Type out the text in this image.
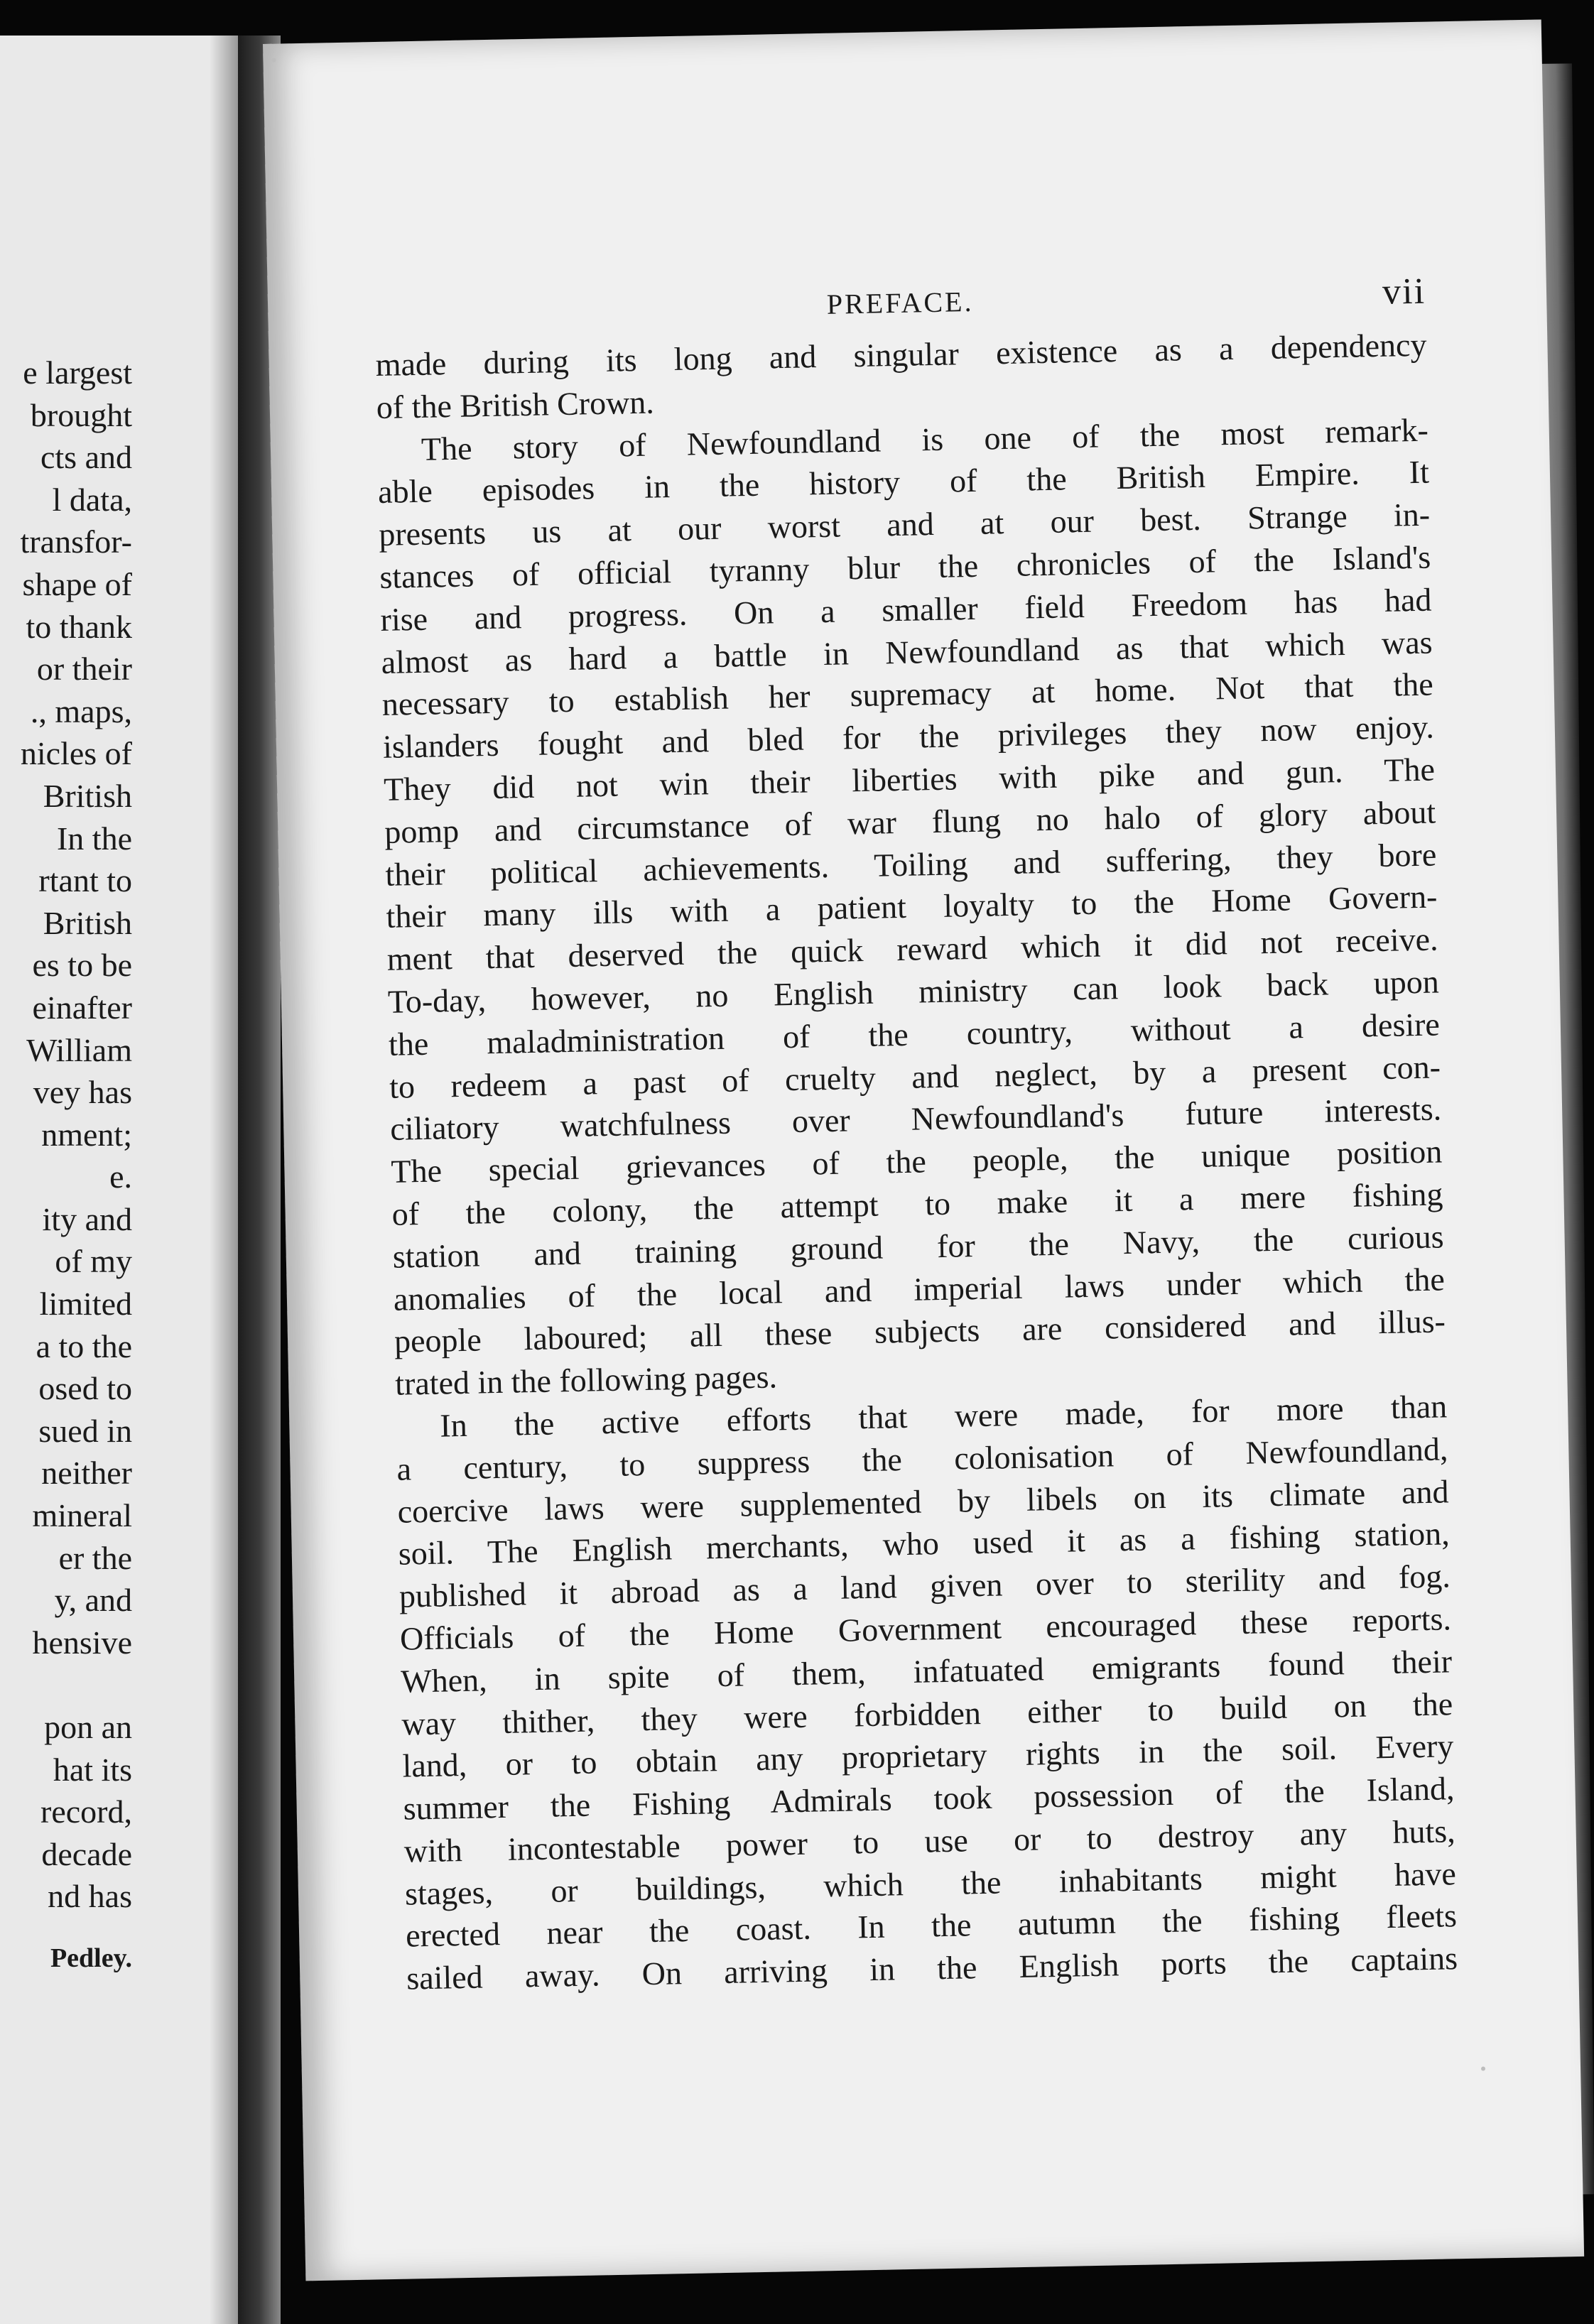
e largest
brought
cts and
l data,
transfor-
shape of
to thank
or their
., maps,
nicles of
British
In the
rtant to
British
es to be
einafter
William
vey has
nment;
e.
ity and
of my
limited
a to the
osed to
sued in
neither
mineral
er the
y, and
hensive
pon an
hat its
record,
decade
nd has
Pedley.
PREFACE.	vii
made during its long and singular existence as a dependency
of the British Crown.
The story of Newfoundland is one of the most remark-
able episodes in the history of the British Empire. It
presents us at our worst and at our best. Strange in-
stances of official tyranny blur the chronicles of the Island's
rise and progress. On a smaller field Freedom has had
almost as hard a battle in Newfoundland as that which was
necessary to establish her supremacy at home. Not that the
islanders fought and bled for the privileges they now enjoy.
They did not win their liberties with pike and gun. The
pomp and circumstance of war flung no halo of glory about
their political achievements. Toiling and suffering, they bore
their many ills with a patient loyalty to the Home Govern-
ment that deserved the quick reward which it did not receive.
To-day, however, no English ministry can look back upon
the maladministration of the country, without a desire
to redeem a past of cruelty and neglect, by a present con-
ciliatory watchfulness over Newfoundland's future interests.
The special grievances of the people, the unique position
of the colony, the attempt to make it a mere fishing
station and training ground for the Navy, the curious
anomalies of the local and imperial laws under which the
people laboured; all these subjects are considered and illus-
trated in the following pages.
In the active efforts that were made, for more than
a century, to suppress the colonisation of Newfoundland,
coercive laws were supplemented by libels on its climate and
soil. The English merchants, who used it as a fishing station,
published it abroad as a land given over to sterility and fog.
Officials of the Home Government encouraged these reports.
When, in spite of them, infatuated emigrants found their
way thither, they were forbidden either to build on the
land, or to obtain any proprietary rights in the soil. Every
summer the Fishing Admirals took possession of the Island,
with incontestable power to use or to destroy any huts,
stages, or buildings, which the inhabitants might have
erected near the coast. In the autumn the fishing fleets
sailed away. On arriving in the English ports the captains
